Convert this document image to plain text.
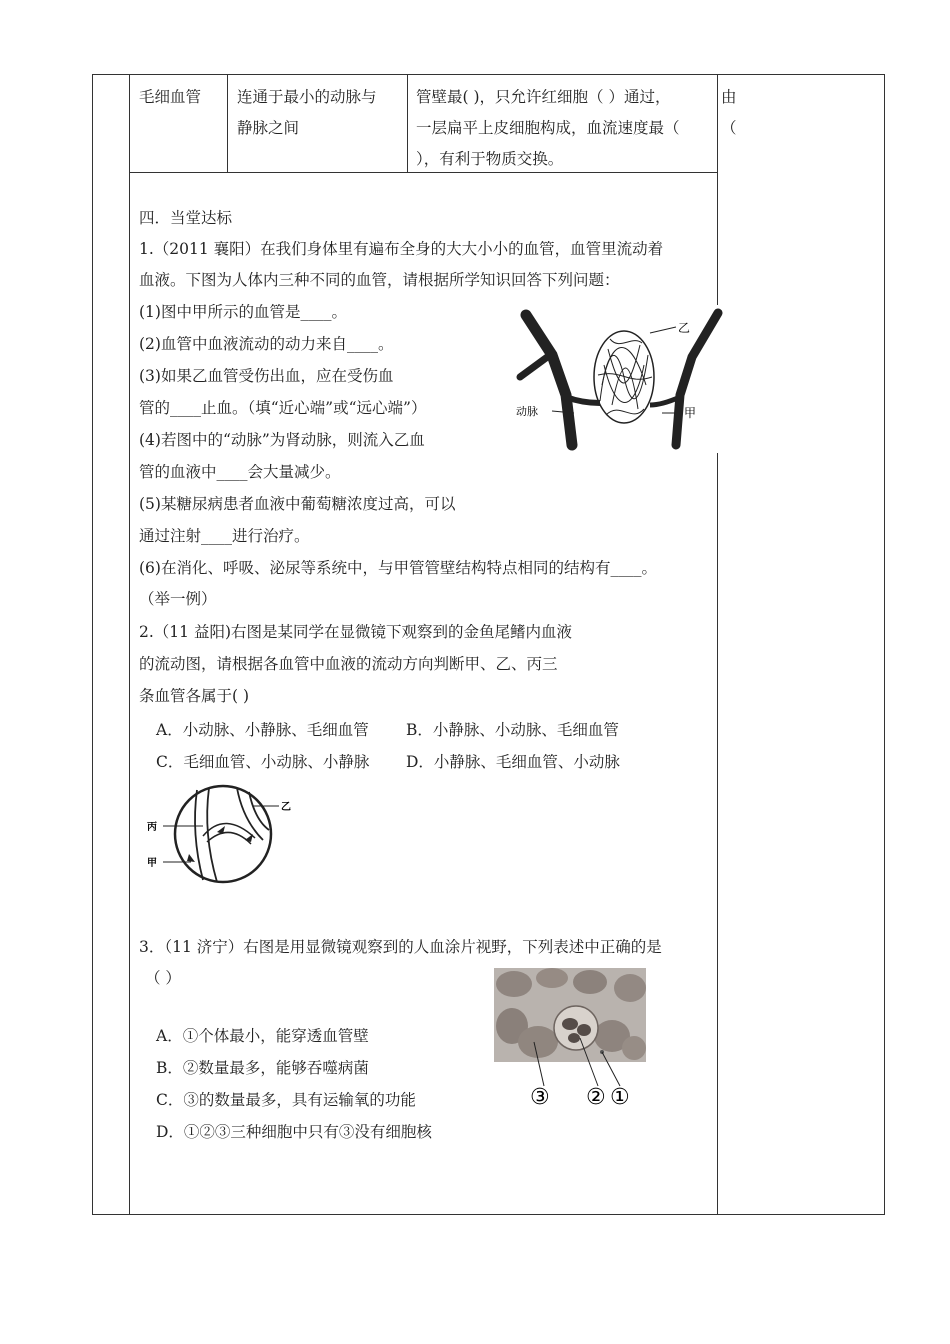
毛细血管 连通于最小的动脉与
静脉之间
管壁最( )，只允许红细胞（ ）通过，
一层扁平上皮细胞构成，血流速度最（
），有利于物质交换。
由
（
四．当堂达标
1.（2011 襄阳）在我们身体里有遍布全身的大大小小的血管，血管里流动着
血液。下图为人体内三种不同的血管，请根据所学知识回答下列问题：
(1)图中甲所示的血管是____。
(2)血管中血液流动的动力来自____。
(3)如果乙血管受伤出血，应在受伤血
管的____止血。（填“近心端”或“远心端”）
(4)若图中的“动脉”为肾动脉，则流入乙血
管的血液中____会大量减少。
(5)某糖尿病患者血液中葡萄糖浓度过高，可以
通过注射____进行治疗。
(6)在消化、呼吸、泌尿等系统中，与甲管管壁结构特点相同的结构有____。
（举一例）
乙
动脉	甲
2.（11 益阳)右图是某同学在显微镜下观察到的金鱼尾鳍内血液
的流动图，请根据各血管中血液的流动方向判断甲、乙、丙三
条血管各属于( )
A．小动脉、小静脉、毛细血管 B．小静脉、小动脉、毛细血管
C．毛细血管、小动脉、小静脉 D．小静脉、毛细血管、小动脉
丙
乙
甲
3．（11 济宁）右图是用显微镜观察到的人血涂片视野，下列表述中正确的是
（ ）
A．①个体最小，能穿透血管壁
B．②数量最多，能够吞噬病菌
C．③的数量最多，具有运输氧的功能
D．①②③三种细胞中只有③没有细胞核
③ ② ①
